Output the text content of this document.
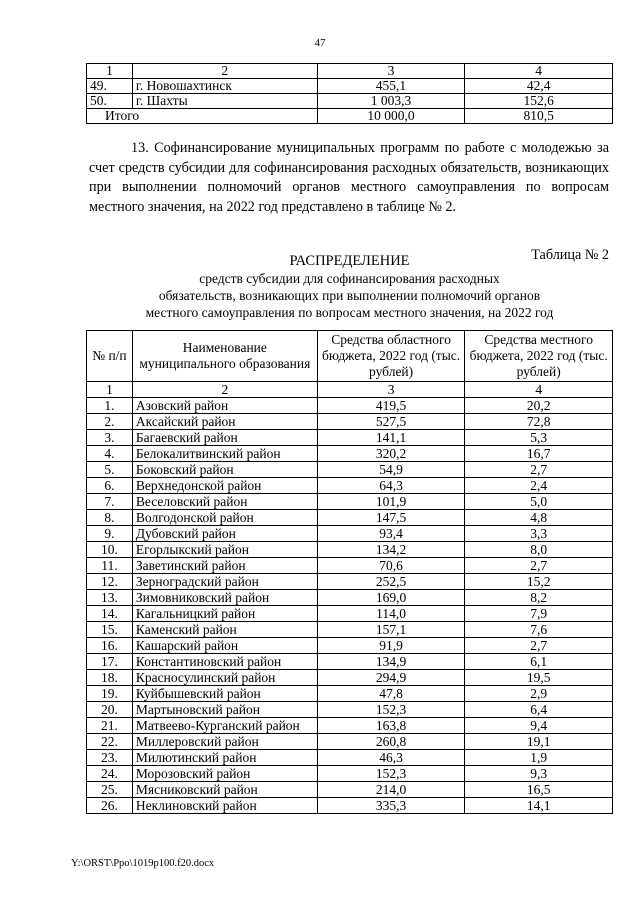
47
1	2	3	4
49.	г. Новошахтинск	455,1	42,4
50.	г. Шахты	1 003,3	152,6
Итого		10 000,0	810,5
13. Софинансирование муниципальных программ по работе с молодежью за счет средств субсидии для софинансирования расходных обязательств, возникающих при выполнении полномочий органов местного самоуправления по вопросам местного значения, на 2022 год представлено в таблице № 2.
Таблица № 2
РАСПРЕДЕЛЕНИЕ
средств субсидии для софинансирования расходных
обязательств, возникающих при выполнении полномочий органов
местного самоуправления по вопросам местного значения, на 2022 год
№ п/п	Наименование муниципального образования	Средства областного бюджета, 2022 год (тыс. рублей)	Средства местного бюджета, 2022 год (тыс. рублей)
1	2	3	4
1.	Азовский район	419,5	20,2
2.	Аксайский район	527,5	72,8
3.	Багаевский район	141,1	5,3
4.	Белокалитвинский район	320,2	16,7
5.	Боковский район	54,9	2,7
6.	Верхнедонской район	64,3	2,4
7.	Веселовский район	101,9	5,0
8.	Волгодонской район	147,5	4,8
9.	Дубовский район	93,4	3,3
10.	Егорлыкский район	134,2	8,0
11.	Заветинский район	70,6	2,7
12.	Зерноградский район	252,5	15,2
13.	Зимовниковский район	169,0	8,2
14.	Кагальницкий район	114,0	7,9
15.	Каменский район	157,1	7,6
16.	Кашарский район	91,9	2,7
17.	Константиновский район	134,9	6,1
18.	Красносулинский район	294,9	19,5
19.	Куйбышевский район	47,8	2,9
20.	Мартыновский район	152,3	6,4
21.	Матвеево-Курганский район	163,8	9,4
22.	Миллеровский район	260,8	19,1
23.	Милютинский район	46,3	1,9
24.	Морозовский район	152,3	9,3
25.	Мясниковский район	214,0	16,5
26.	Неклиновский район	335,3	14,1
Y:\ORST\Ppo\1019p100.f20.docx
